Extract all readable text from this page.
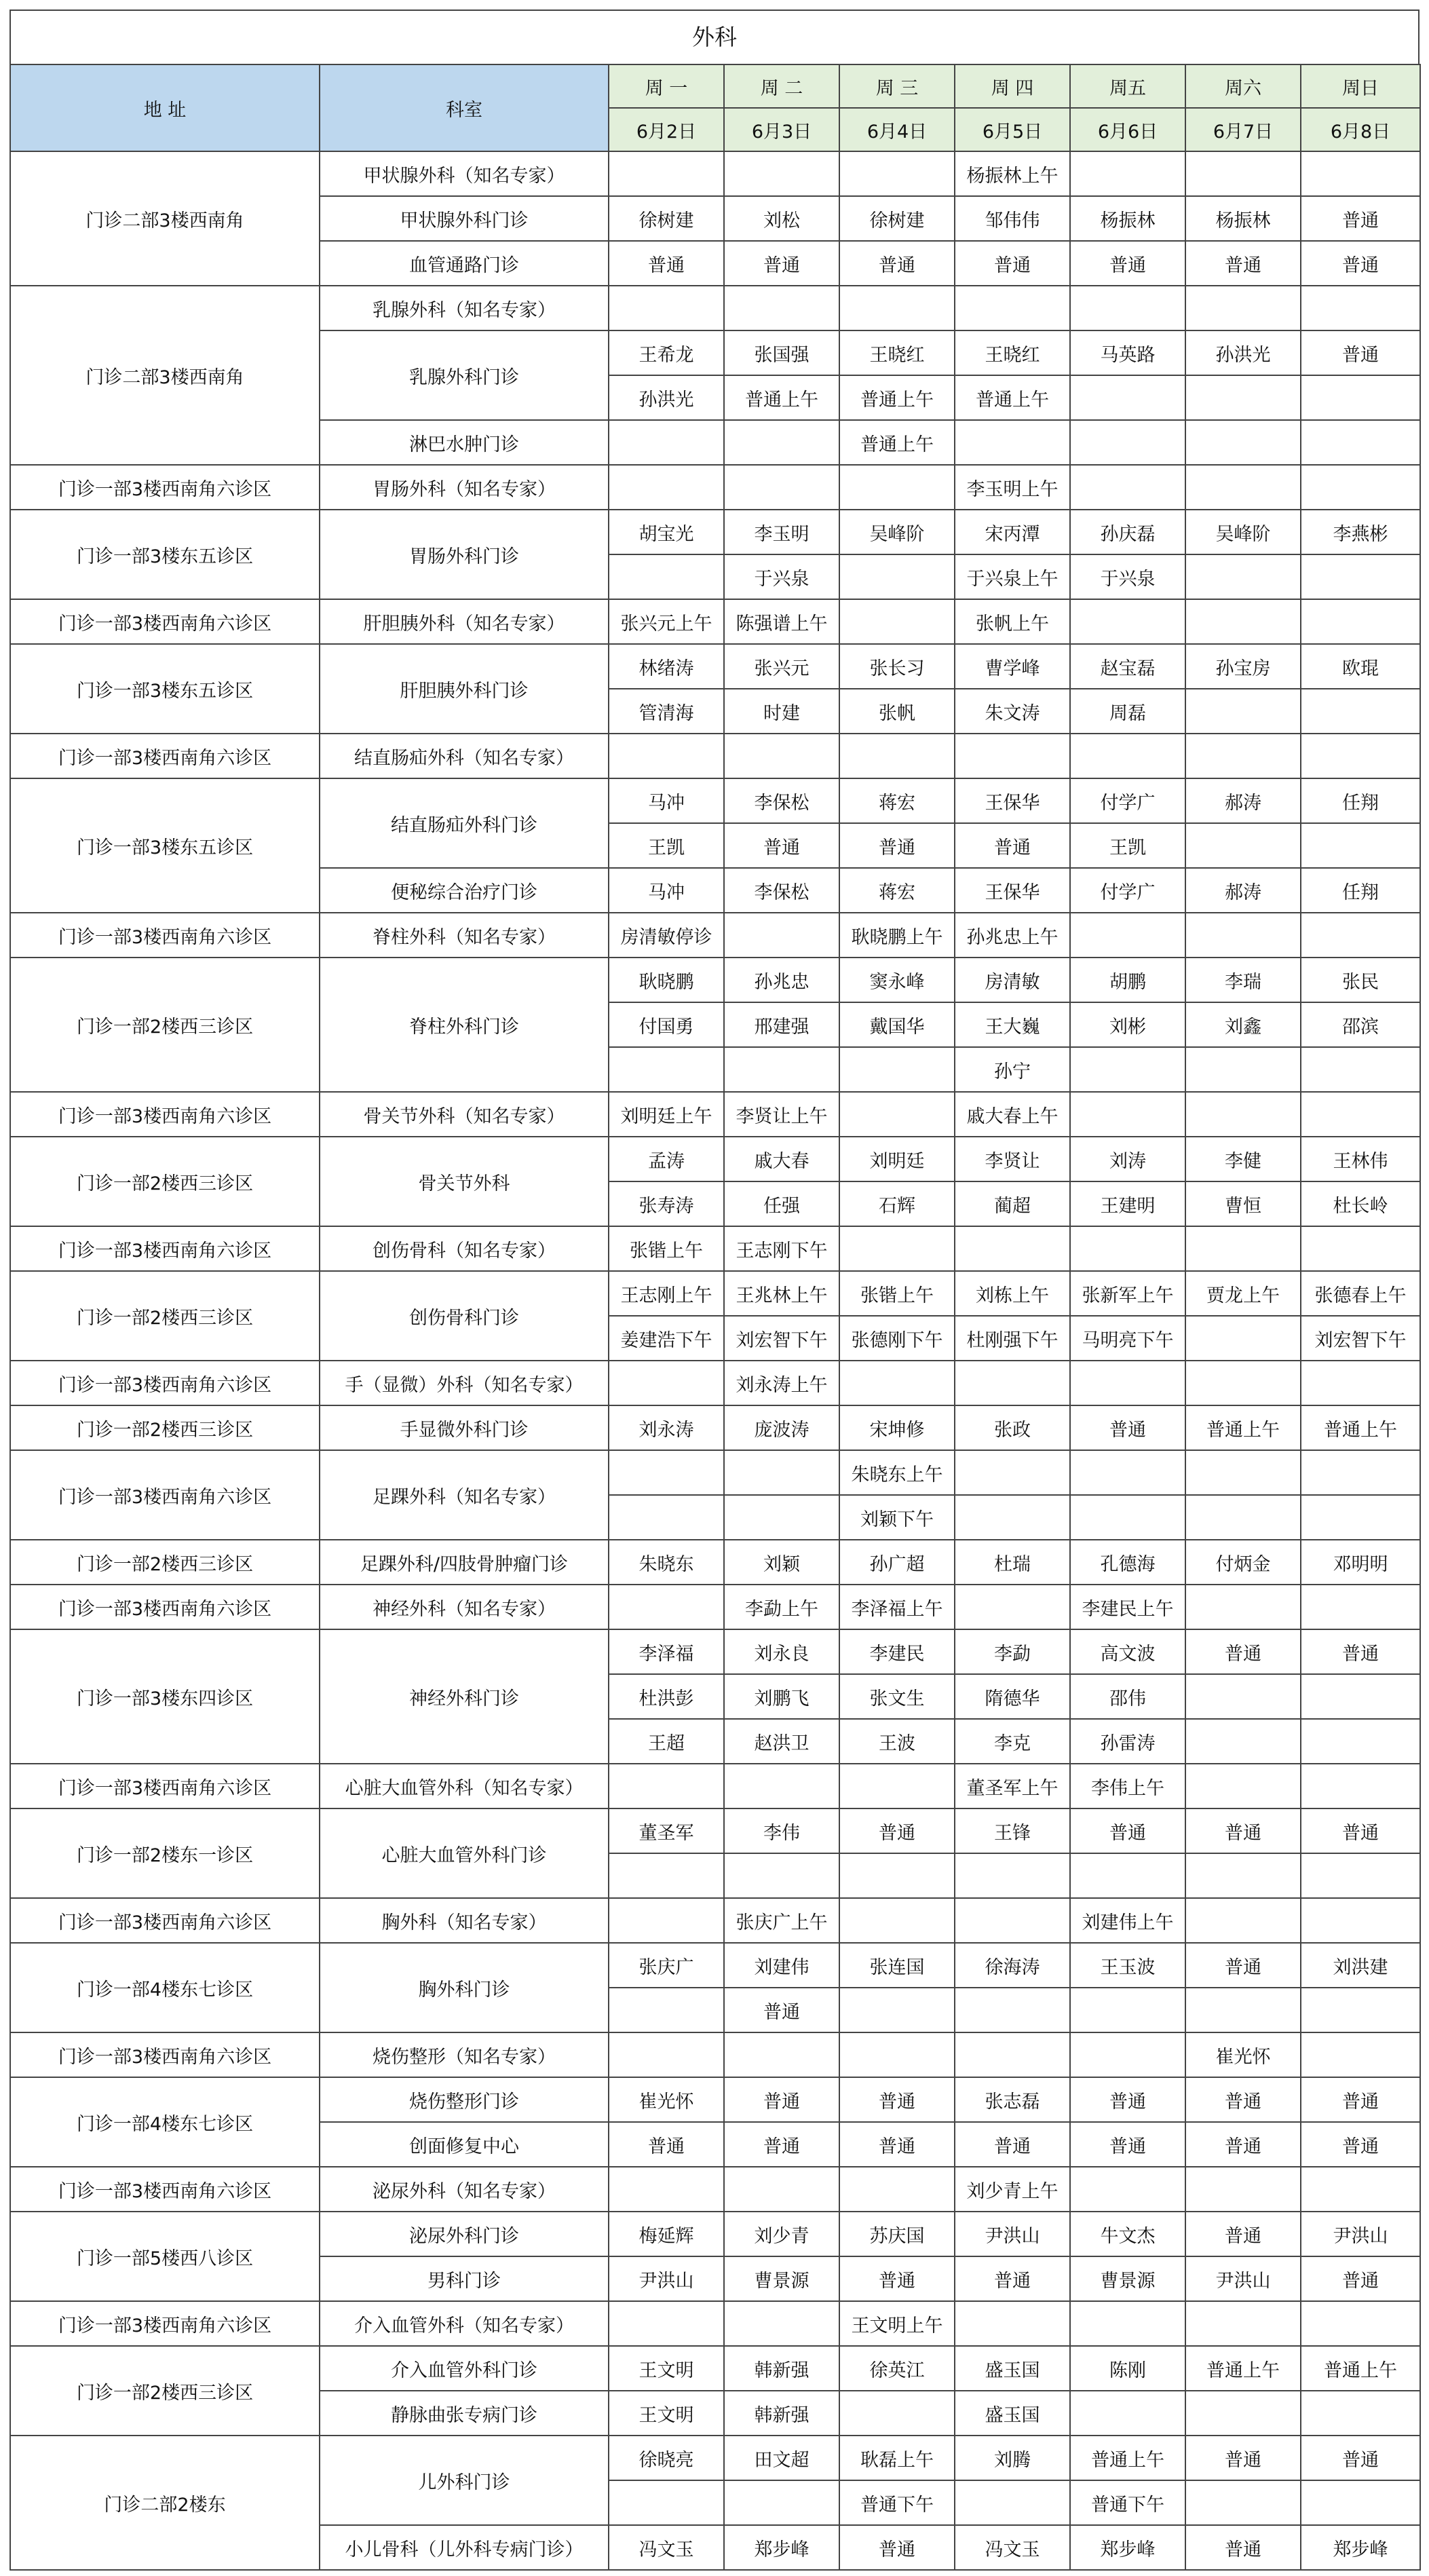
外科
地 址	科室	周 一	周 二	周 三	周 四	周五	周六	周日
		6月2日	6月3日	6月4日	6月5日	6月6日	6月7日	6月8日
门诊二部3楼西南角	甲状腺外科（知名专家）				杨振林上午			
	甲状腺外科门诊	徐树建	刘松	徐树建	邹伟伟	杨振林	杨振林	普通
	血管通路门诊	普通	普通	普通	普通	普通	普通	普通
门诊二部3楼西南角	乳腺外科（知名专家）							
	乳腺外科门诊	王希龙	张国强	王晓红	王晓红	马英路	孙洪光	普通
		孙洪光	普通上午	普通上午	普通上午			
	淋巴水肿门诊			普通上午				
门诊一部3楼西南角六诊区	胃肠外科（知名专家）				李玉明上午			
门诊一部3楼东五诊区	胃肠外科门诊	胡宝光	李玉明	吴峰阶	宋丙潭	孙庆磊	吴峰阶	李燕彬
			于兴泉		于兴泉上午	于兴泉		
门诊一部3楼西南角六诊区	肝胆胰外科（知名专家）	张兴元上午	陈强谱上午		张帆上午			
门诊一部3楼东五诊区	肝胆胰外科门诊	林绪涛	张兴元	张长习	曹学峰	赵宝磊	孙宝房	欧琨
		管清海	时建	张帆	朱文涛	周磊		
门诊一部3楼西南角六诊区	结直肠疝外科（知名专家）							
门诊一部3楼东五诊区	结直肠疝外科门诊	马冲	李保松	蒋宏	王保华	付学广	郝涛	任翔
		王凯	普通	普通	普通	王凯		
	便秘综合治疗门诊	马冲	李保松	蒋宏	王保华	付学广	郝涛	任翔
门诊一部3楼西南角六诊区	脊柱外科（知名专家）	房清敏停诊		耿晓鹏上午	孙兆忠上午			
门诊一部2楼西三诊区	脊柱外科门诊	耿晓鹏	孙兆忠	窦永峰	房清敏	胡鹏	李瑞	张民
		付国勇	邢建强	戴国华	王大巍	刘彬	刘鑫	邵滨
					孙宁			
门诊一部3楼西南角六诊区	骨关节外科（知名专家）	刘明廷上午	李贤让上午		戚大春上午			
门诊一部2楼西三诊区	骨关节外科	孟涛	戚大春	刘明廷	李贤让	刘涛	李健	王林伟
		张寿涛	任强	石辉	蔺超	王建明	曹恒	杜长岭
门诊一部3楼西南角六诊区	创伤骨科（知名专家）	张锴上午	王志刚下午					
门诊一部2楼西三诊区	创伤骨科门诊	王志刚上午	王兆林上午	张锴上午	刘栋上午	张新军上午	贾龙上午	张德春上午
		姜建浩下午	刘宏智下午	张德刚下午	杜刚强下午	马明亮下午		刘宏智下午
门诊一部3楼西南角六诊区	手（显微）外科（知名专家）		刘永涛上午					
门诊一部2楼西三诊区	手显微外科门诊	刘永涛	庞波涛	宋坤修	张政	普通	普通上午	普通上午
门诊一部3楼西南角六诊区	足踝外科（知名专家）			朱晓东上午				
				刘颖下午				
门诊一部2楼西三诊区	足踝外科/四肢骨肿瘤门诊	朱晓东	刘颖	孙广超	杜瑞	孔德海	付炳金	邓明明
门诊一部3楼西南角六诊区	神经外科（知名专家）		李勐上午	李泽福上午		李建民上午		
门诊一部3楼东四诊区	神经外科门诊	李泽福	刘永良	李建民	李勐	高文波	普通	普通
		杜洪彭	刘鹏飞	张文生	隋德华	邵伟		
		王超	赵洪卫	王波	李克	孙雷涛		
门诊一部3楼西南角六诊区	心脏大血管外科（知名专家）				董圣军上午	李伟上午		
门诊一部2楼东一诊区	心脏大血管外科门诊	董圣军	李伟	普通	王锋	普通	普通	普通

门诊一部3楼西南角六诊区	胸外科（知名专家）		张庆广上午			刘建伟上午		
门诊一部4楼东七诊区	胸外科门诊	张庆广	刘建伟	张连国	徐海涛	王玉波	普通	刘洪建
			普通					
门诊一部3楼西南角六诊区	烧伤整形（知名专家）						崔光怀	
门诊一部4楼东七诊区	烧伤整形门诊	崔光怀	普通	普通	张志磊	普通	普通	普通
	创面修复中心	普通	普通	普通	普通	普通	普通	普通
门诊一部3楼西南角六诊区	泌尿外科（知名专家）				刘少青上午			
门诊一部5楼西八诊区	泌尿外科门诊	梅延辉	刘少青	苏庆国	尹洪山	牛文杰	普通	尹洪山
	男科门诊	尹洪山	曹景源	普通	普通	曹景源	尹洪山	普通
门诊一部3楼西南角六诊区	介入血管外科（知名专家）			王文明上午				
门诊一部2楼西三诊区	介入血管外科门诊	王文明	韩新强	徐英江	盛玉国	陈刚	普通上午	普通上午
	静脉曲张专病门诊	王文明	韩新强		盛玉国			
门诊二部2楼东	儿外科门诊	徐晓亮	田文超	耿磊上午	刘腾	普通上午	普通	普通
				普通下午		普通下午		
	小儿骨科（儿外科专病门诊）	冯文玉	郑步峰	普通	冯文玉	郑步峰	普通	郑步峰
